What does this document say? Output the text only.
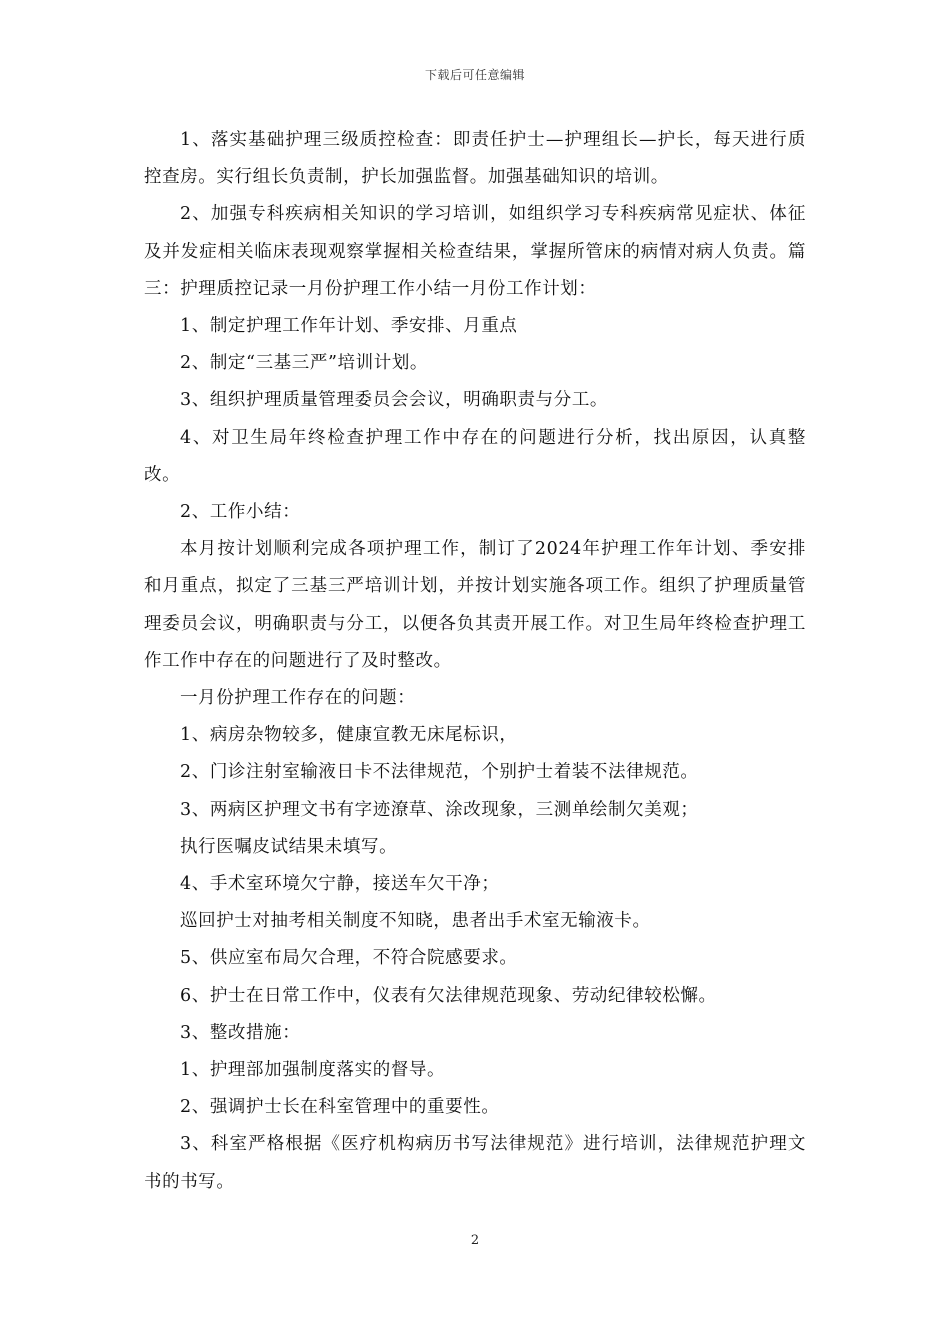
下载后可任意编辑

1、落实基础护理三级质控检查：即责任护士—护理组长—护长，每天进行质控查房。实行组长负责制，护长加强监督。加强基础知识的培训。

2、加强专科疾病相关知识的学习培训，如组织学习专科疾病常见症状、体征及并发症相关临床表现观察掌握相关检查结果，掌握所管床的病情对病人负责。篇三：护理质控记录一月份护理工作小结一月份工作计划：

1、制定护理工作年计划、季安排、月重点

2、制定“三基三严”培训计划。

3、组织护理质量管理委员会会议，明确职责与分工。

4、对卫生局年终检查护理工作中存在的问题进行分析，找出原因，认真整改。

2、工作小结：

本月按计划顺利完成各项护理工作，制订了2024年护理工作年计划、季安排和月重点，拟定了三基三严培训计划，并按计划实施各项工作。组织了护理质量管理委员会议，明确职责与分工，以便各负其责开展工作。对卫生局年终检查护理工作工作中存在的问题进行了及时整改。

一月份护理工作存在的问题：

1、病房杂物较多，健康宣教无床尾标识，

2、门诊注射室输液日卡不法律规范，个别护士着装不法律规范。

3、两病区护理文书有字迹潦草、涂改现象，三测单绘制欠美观；

执行医嘱皮试结果未填写。

4、手术室环境欠宁静，接送车欠干净；

巡回护士对抽考相关制度不知晓，患者出手术室无输液卡。

5、供应室布局欠合理，不符合院感要求。

6、护士在日常工作中，仪表有欠法律规范现象、劳动纪律较松懈。

3、整改措施：

1、护理部加强制度落实的督导。

2、强调护士长在科室管理中的重要性。

3、科室严格根据《医疗机构病历书写法律规范》进行培训，法律规范护理文书的书写。

2
